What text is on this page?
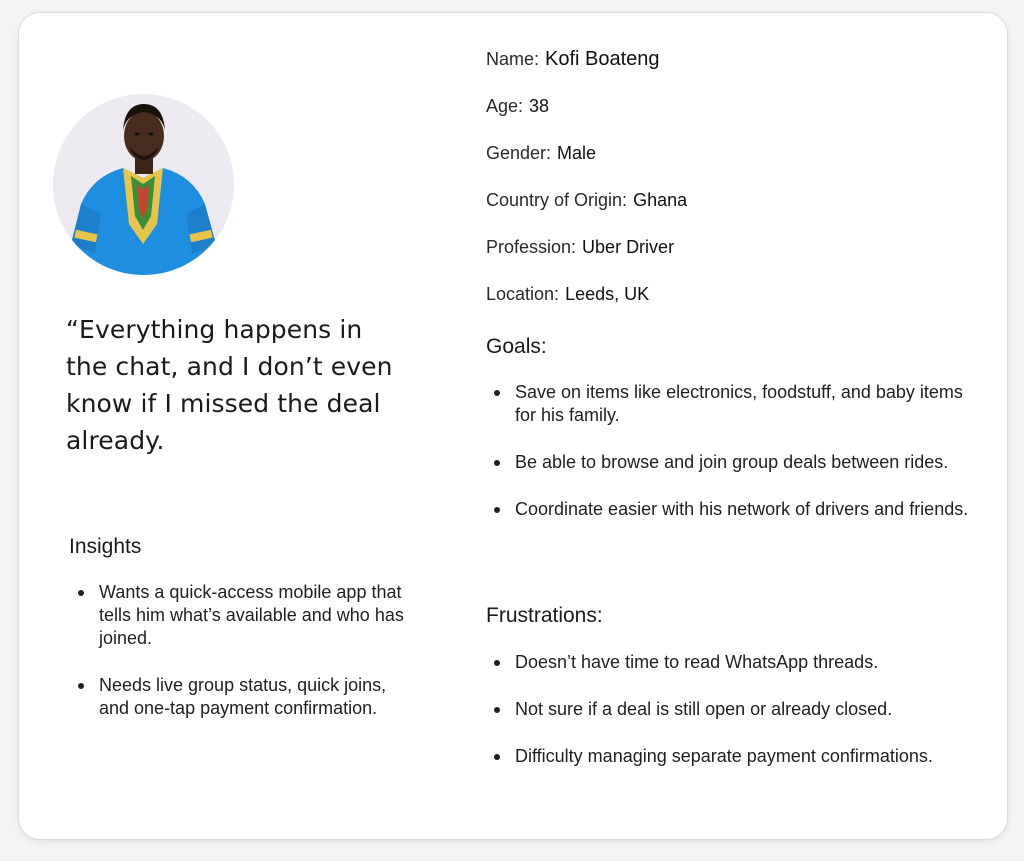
“Everything happens in the chat, and I don’t even know if I missed the deal already.

Insights
Wants a quick-access mobile app that tells him what’s available and who has joined.
Needs live group status, quick joins, and one-tap payment confirmation.
Name: Kofi Boateng
Age: 38
Gender: Male
Country of Origin: Ghana
Profession: Uber Driver
Location: Leeds, UK
Goals:
Save on items like electronics, foodstuff, and baby items for his family.
Be able to browse and join group deals between rides.
Coordinate easier with his network of drivers and friends.
Frustrations:
Doesn’t have time to read WhatsApp threads.
Not sure if a deal is still open or already closed.
Difficulty managing separate payment confirmations.
